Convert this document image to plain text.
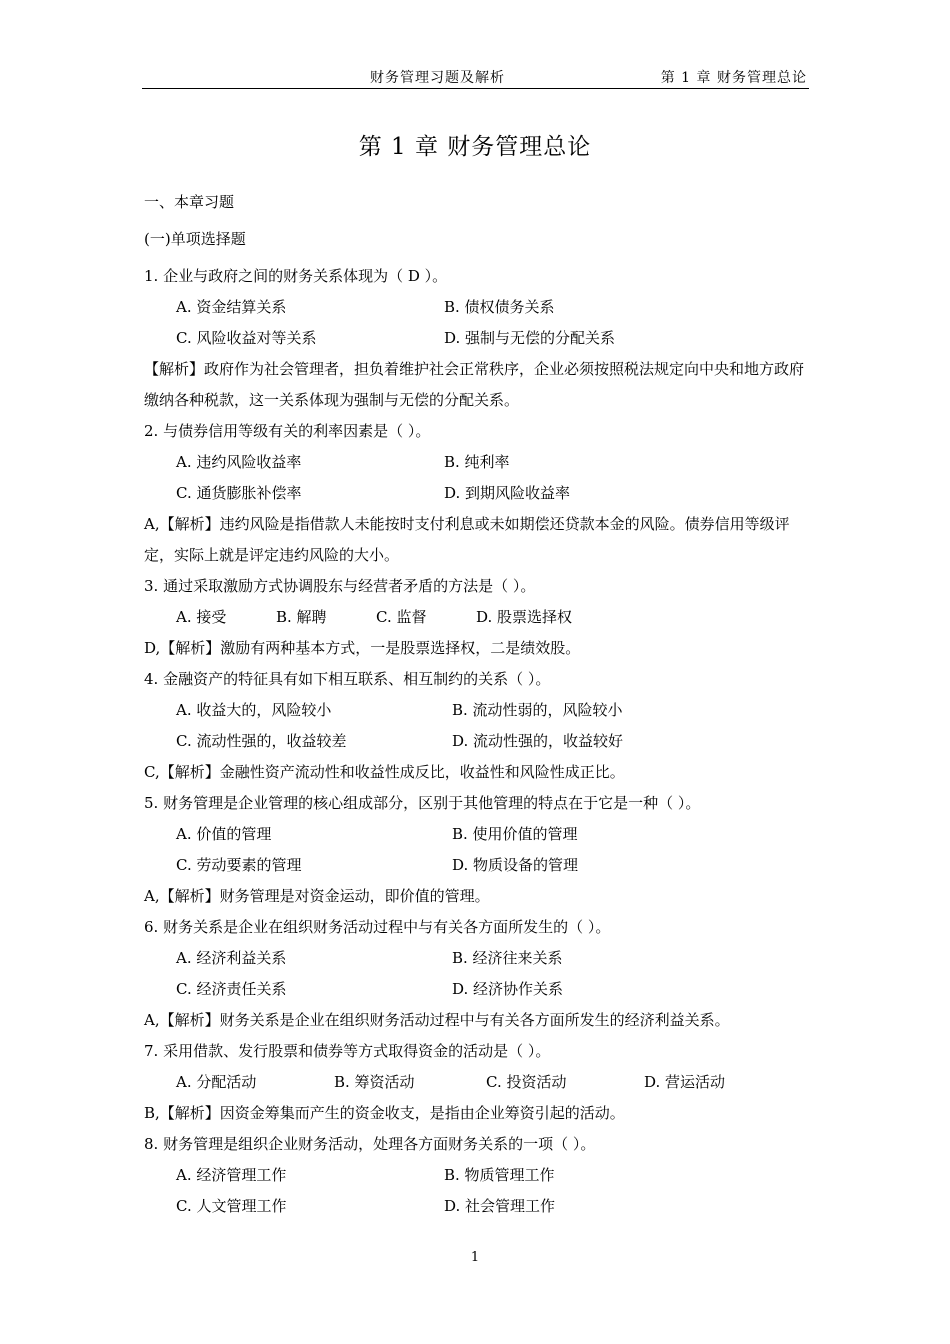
财务管理习题及解析	第 1 章 财务管理总论
第 1 章 财务管理总论
一、本章习题
(一)单项选择题
1. 企业与政府之间的财务关系体现为（ D ）。
A. 资金结算关系	B. 债权债务关系
C. 风险收益对等关系	D. 强制与无偿的分配关系
【解析】政府作为社会管理者，担负着维护社会正常秩序，企业必须按照税法规定向中央和地方政府缴纳各种税款，这一关系体现为强制与无偿的分配关系。
2. 与债券信用等级有关的利率因素是（ ）。
A. 违约风险收益率	B. 纯利率
C. 通货膨胀补偿率	D. 到期风险收益率
A,【解析】违约风险是指借款人未能按时支付利息或未如期偿还贷款本金的风险。债券信用等级评定，实际上就是评定违约风险的大小。
3. 通过采取激励方式协调股东与经营者矛盾的方法是（ ）。
A. 接受	B. 解聘	C. 监督	D. 股票选择权
D,【解析】激励有两种基本方式，一是股票选择权，二是绩效股。
4. 金融资产的特征具有如下相互联系、相互制约的关系（ ）。
A. 收益大的，风险较小	B. 流动性弱的，风险较小
C. 流动性强的，收益较差	D. 流动性强的，收益较好
C,【解析】金融性资产流动性和收益性成反比，收益性和风险性成正比。
5. 财务管理是企业管理的核心组成部分，区别于其他管理的特点在于它是一种（ ）。
A. 价值的管理	B. 使用价值的管理
C. 劳动要素的管理	D. 物质设备的管理
A,【解析】财务管理是对资金运动，即价值的管理。
6. 财务关系是企业在组织财务活动过程中与有关各方面所发生的（ ）。
A. 经济利益关系	B. 经济往来关系
C. 经济责任关系	D. 经济协作关系
A,【解析】财务关系是企业在组织财务活动过程中与有关各方面所发生的经济利益关系。
7. 采用借款、发行股票和债券等方式取得资金的活动是（ ）。
A. 分配活动	B. 筹资活动	C. 投资活动	D. 营运活动
B,【解析】因资金筹集而产生的资金收支，是指由企业筹资引起的活动。
8. 财务管理是组织企业财务活动，处理各方面财务关系的一项（ ）。
A. 经济管理工作	B. 物质管理工作
C. 人文管理工作	D. 社会管理工作
1
